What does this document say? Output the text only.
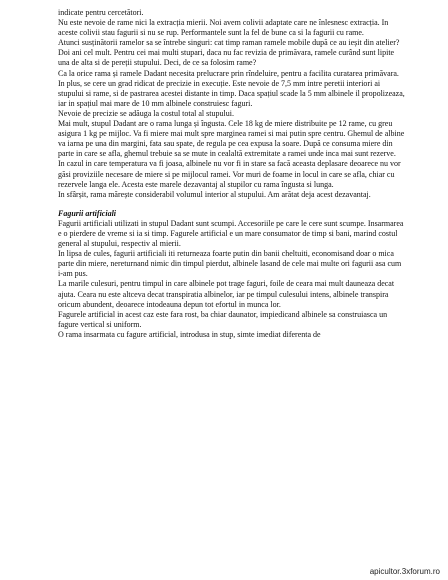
indicate pentru cercetători.

Nu este nevoie de rame nici la extracția mierii. Noi avem colivii adaptate care ne înlesnesc extracția. In aceste colivii stau fagurii si nu se rup. Performantele sunt la fel de bune ca si la fagurii cu rame.

Atunci susținătorii ramelor sa se întrebe singuri: cat timp raman ramele mobile după ce au ieșit din atelier? Doi ani cel mult. Pentru cei mai multi stupari, daca nu fac revizia de primăvara, ramele curând sunt lipite una de alta si de pereții stupului. Deci, de ce sa folosim rame?

Ca la orice rama și ramele Dadant necesita prelucrare prin rîndeluire, pentru a facilita curatarea primăvara. In plus, se cere un grad ridicat de precizie in execuție. Este nevoie de 7,5 mm intre peretii interiori ai stupului si rame, si de pastrarea acestei distante in timp. Daca spațiul scade la 5 mm albinele il propolizeaza, iar in spațiul mai mare de 10 mm albinele construiesc faguri.

Nevoie de precizie se adăuga la costul total al stupului.

Mai mult, stupul Dadant are o rama lunga și îngusta. Cele 18 kg de miere distribuite pe 12 rame, cu greu asigura 1 kg pe mijloc. Va fi miere mai mult spre marginea ramei si mai putin spre centru. Ghemul de albine va iarna pe una din margini, fata sau spate, de regula pe cea expusa la soare. După ce consuma miere din parte in care se afla, ghemul trebuie sa se mute in cealaltă extremitate a ramei unde inca mai sunt rezerve.

In cazul in care temperatura va fi joasa, albinele nu vor fi in stare sa facă aceasta deplasare deoarece nu vor găsi proviziile necesare de miere si pe mijlocul ramei. Vor muri de foame in locul in care se afla, chiar cu rezervele langa ele. Acesta este marele dezavantaj al stupilor cu rama îngusta si lunga.

In sfârșit, rama mărește considerabil volumul interior al stupului. Am arătat deja acest dezavantaj.

Fagurii artificiali

Fagurii artificiali utilizati in stupul Dadant sunt scumpi. Accesoriile pe care le cere sunt scumpe. Insarmarea e o pierdere de vreme si ia si timp. Fagurele artificial e un mare consumator de timp si bani, marind costul general al stupului, respectiv al mierii.

In lipsa de cules, fagurii artificiali iti returneaza foarte putin din banii cheltuiti, economisand doar o mica parte din miere, nereturnand nimic din timpul pierdut, albinele lasand de cele mai multe ori fagurii asa cum i-am pus.

La marile culesuri, pentru timpul in care albinele pot trage faguri, foile de ceara mai mult dauneaza decat ajuta. Ceara nu este altceva decat transpiratia albinelor, iar pe timpul culesului intens, albinele transpira oricum abundent, deoarece intodeauna depun tot efortul in munca lor.

Fagurele artificial in acest caz este fara rost, ba chiar daunator, impiedicand albinele sa construiasca un fagure vertical si uniform.

O rama insarmata cu fagure artificial, introdusa in stup, simte imediat diferenta de

apicultor.3xforum.ro
